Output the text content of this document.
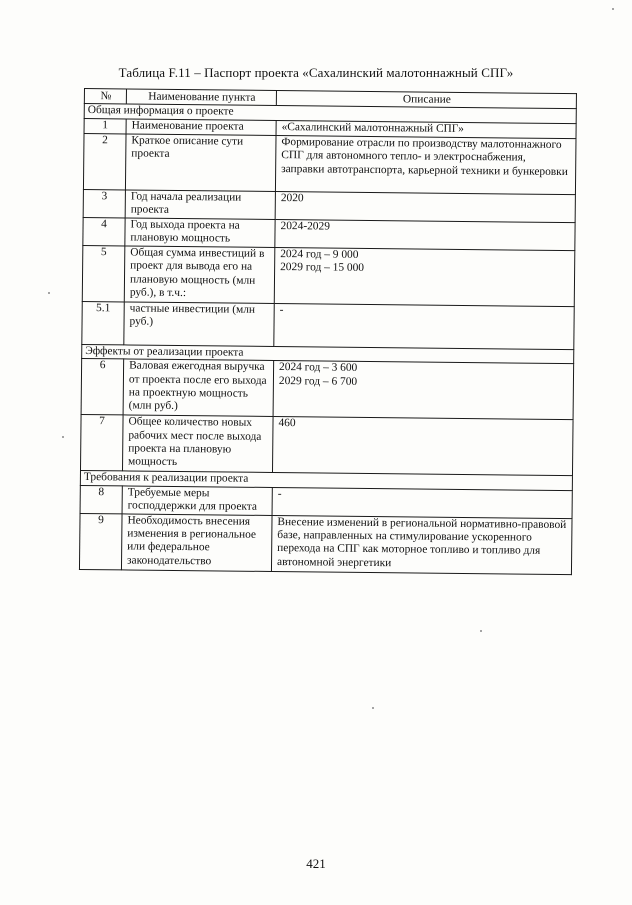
Таблица F.11 – Паспорт проекта «Сахалинский малотоннажный СПГ»
№	Наименование пункта	Описание
Общая информация о проекте		
1	Наименование проекта	«Сахалинский малотоннажный СПГ»
2	Краткое описание сути проекта	Формирование отрасли по производству малотоннажного СПГ для автономного тепло- и электроснабжения, заправки автотранспорта, карьерной техники и бункеровки
3	Год начала реализации проекта	2020
4	Год выхода проекта на плановую мощность	2024-2029
5	Общая сумма инвестиций в проект для вывода его на плановую мощность (млн руб.), в т.ч.:	2024 год – 9 000
2029 год – 15 000

5.1	частные инвестиции (млн руб.)	-
Эффекты от реализации проекта		
6	Валовая ежегодная выручка от проекта после его выхода на проектную мощность (млн руб.)	2024 год – 3 600
2029 год – 6 700

7	Общее количество новых рабочих мест после выхода проекта на плановую мощность	460
Требования к реализации проекта		
8	Требуемые меры господдержки для проекта	-
9	Необходимость внесения изменения в региональное или федеральное законодательство	Внесение изменений в региональной нормативно-правовой базе, направленных на стимулирование ускоренного перехода на СПГ как моторное топливо и топливо для автономной энергетики
421
